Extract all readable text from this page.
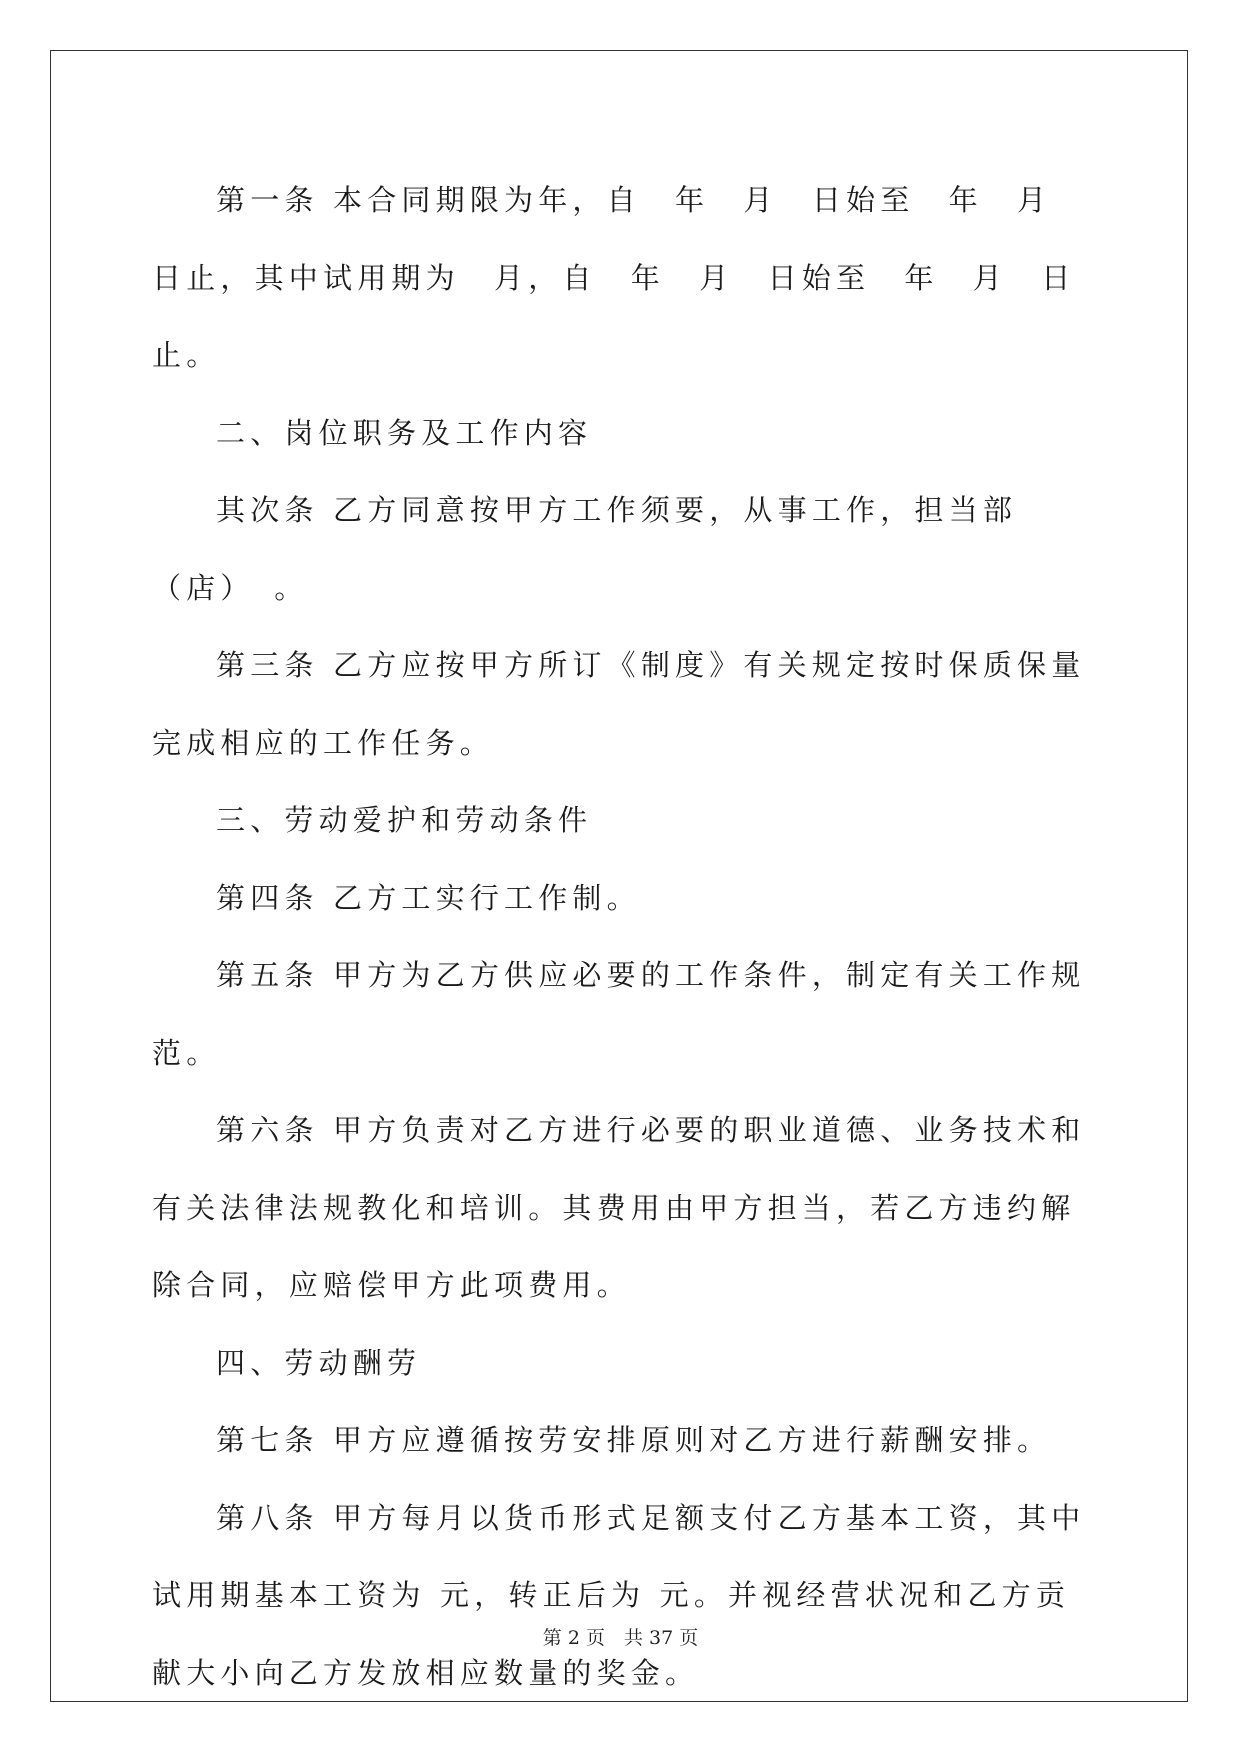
第一条 本合同期限为年，自　年　月　日始至　年　月　日止，其中试用期为　月，自　年　月　日始至　年　月　日 止。

二、岗位职务及工作内容

其次条 乙方同意按甲方工作须要，从事工作，担当部（店）　。

第三条 乙方应按甲方所订《制度》有关规定按时保质保量完成相应的工作任务。

三、劳动爱护和劳动条件

第四条 乙方工实行工作制。

第五条 甲方为乙方供应必要的工作条件，制定有关工作规范。

第六条 甲方负责对乙方进行必要的职业道德、业务技术和有关法律法规教化和培训。其费用由甲方担当，若乙方违约解除合同，应赔偿甲方此项费用。

四、劳动酬劳

第七条 甲方应遵循按劳安排原则对乙方进行薪酬安排。

第八条 甲方每月以货币形式足额支付乙方基本工资，其中试用期基本工资为 元，转正后为 元。并视经营状况和乙方贡献大小向乙方发放相应数量的奖金。

第 2 页　共 37 页
